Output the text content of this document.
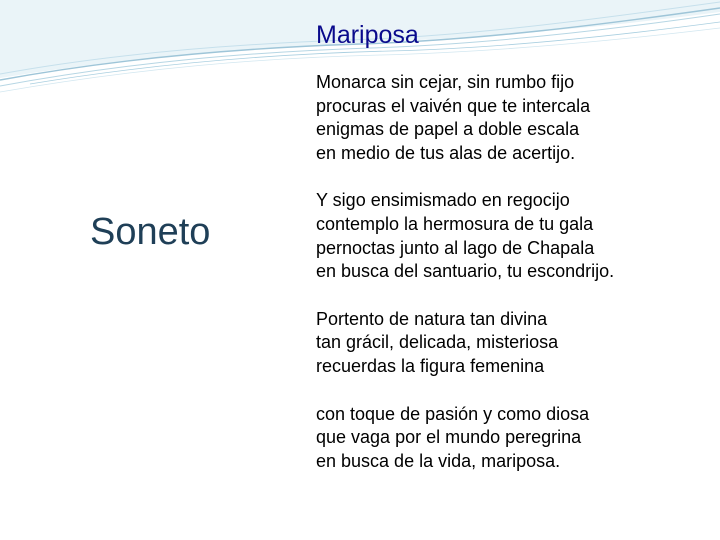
Mariposa
Soneto
Monarca sin cejar, sin rumbo fijo
procuras el vaivén que te intercala
enigmas de papel a doble escala
en medio de tus alas de acertijo.
Y sigo ensimismado en regocijo
contemplo la hermosura de tu gala
pernoctas junto al lago de Chapala
en busca del santuario, tu escondrijo.
Portento de natura tan divina
tan grácil, delicada, misteriosa
recuerdas la figura femenina
con toque de pasión y como diosa
que vaga por el mundo peregrina
en busca de la vida, mariposa.
